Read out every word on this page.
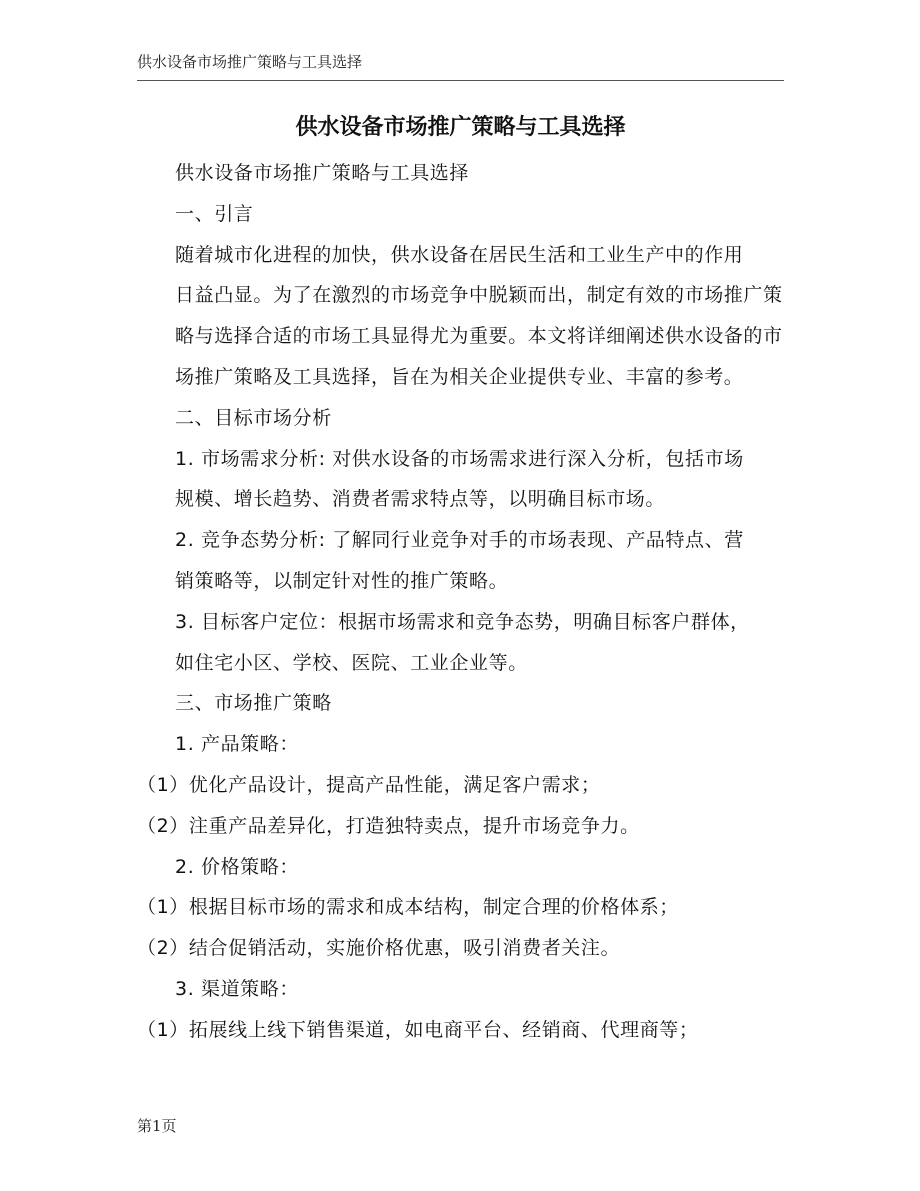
供水设备市场推广策略与工具选择
供水设备市场推广策略与工具选择

供水设备市场推广策略与工具选择

一、引言

随着城市化进程的加快，供水设备在居民生活和工业生产中的作用
日益凸显。为了在激烈的市场竞争中脱颖而出，制定有效的市场推广策
略与选择合适的市场工具显得尤为重要。本文将详细阐述供水设备的市
场推广策略及工具选择，旨在为相关企业提供专业、丰富的参考。

二、目标市场分析

1. 市场需求分析: 对供水设备的市场需求进行深入分析，包括市场
规模、增长趋势、消费者需求特点等，以明确目标市场。

2. 竞争态势分析: 了解同行业竞争对手的市场表现、产品特点、营
销策略等，以制定针对性的推广策略。

3. 目标客户定位：根据市场需求和竞争态势，明确目标客户群体，
如住宅小区、学校、医院、工业企业等。

三、市场推广策略

1. 产品策略：

（1）优化产品设计，提高产品性能，满足客户需求；

（2）注重产品差异化，打造独特卖点，提升市场竞争力。

2. 价格策略：

（1）根据目标市场的需求和成本结构，制定合理的价格体系；

（2）结合促销活动，实施价格优惠，吸引消费者关注。

3. 渠道策略：

（1）拓展线上线下销售渠道，如电商平台、经销商、代理商等；

第1页
